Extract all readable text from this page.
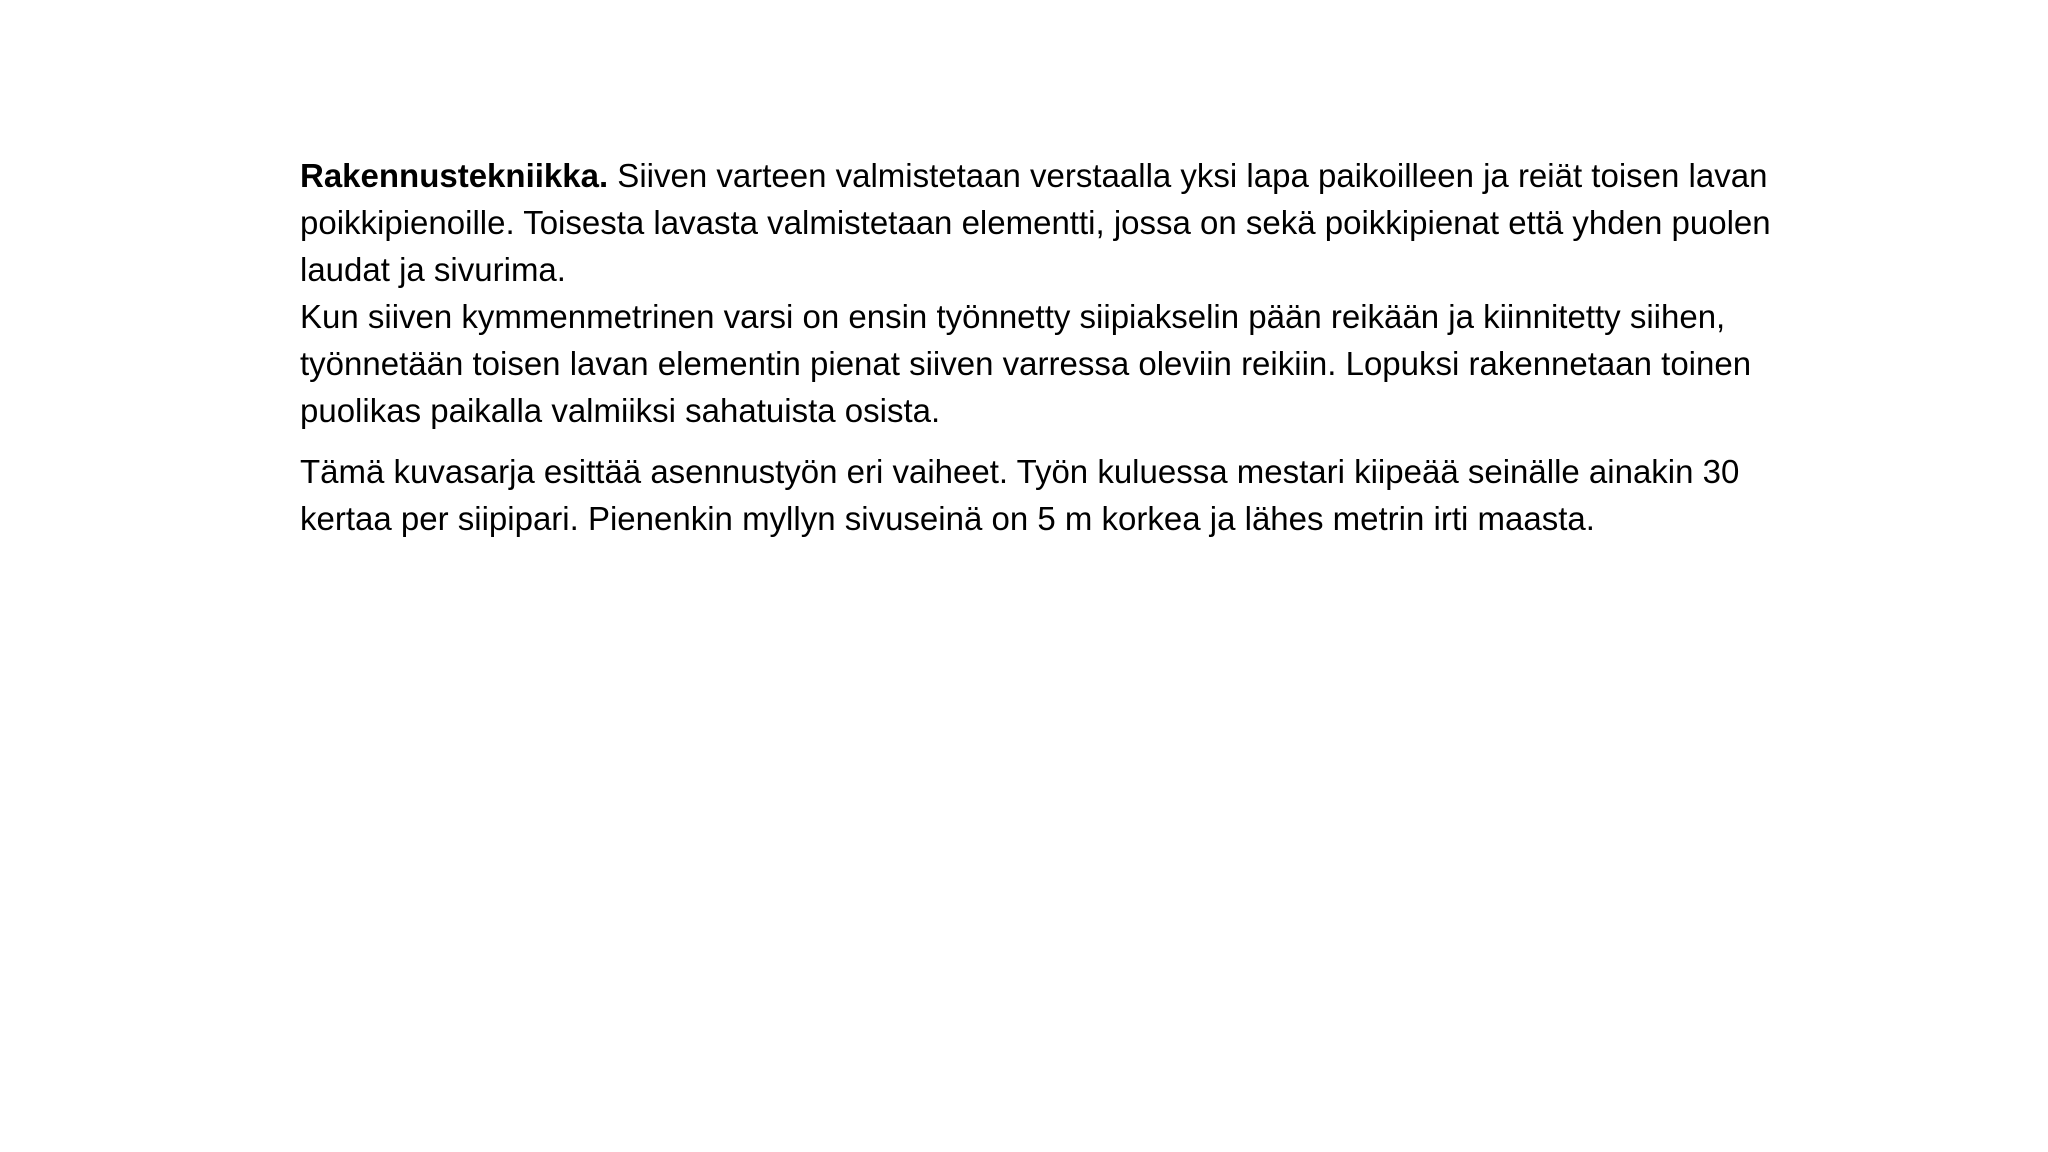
Rakennustekniikka. Siiven varteen valmistetaan verstaalla yksi lapa paikoilleen ja reiät toisen lavan poikkipienoille. Toisesta lavasta valmistetaan elementti, jossa on sekä poikkipienat että yhden puolen laudat ja sivurima.

Kun siiven kymmenmetrinen varsi on ensin työnnetty siipiakselin pään reikään ja kiinnitetty siihen, työnnetään toisen lavan elementin pienat siiven varressa oleviin reikiin. Lopuksi rakennetaan toinen puolikas paikalla valmiiksi sahatuista osista.

Tämä kuvasarja esittää asennustyön eri vaiheet. Työn kuluessa mestari kiipeää seinälle ainakin 30 kertaa per siipipari. Pienenkin myllyn sivuseinä on 5 m korkea ja lähes metrin irti maasta.
